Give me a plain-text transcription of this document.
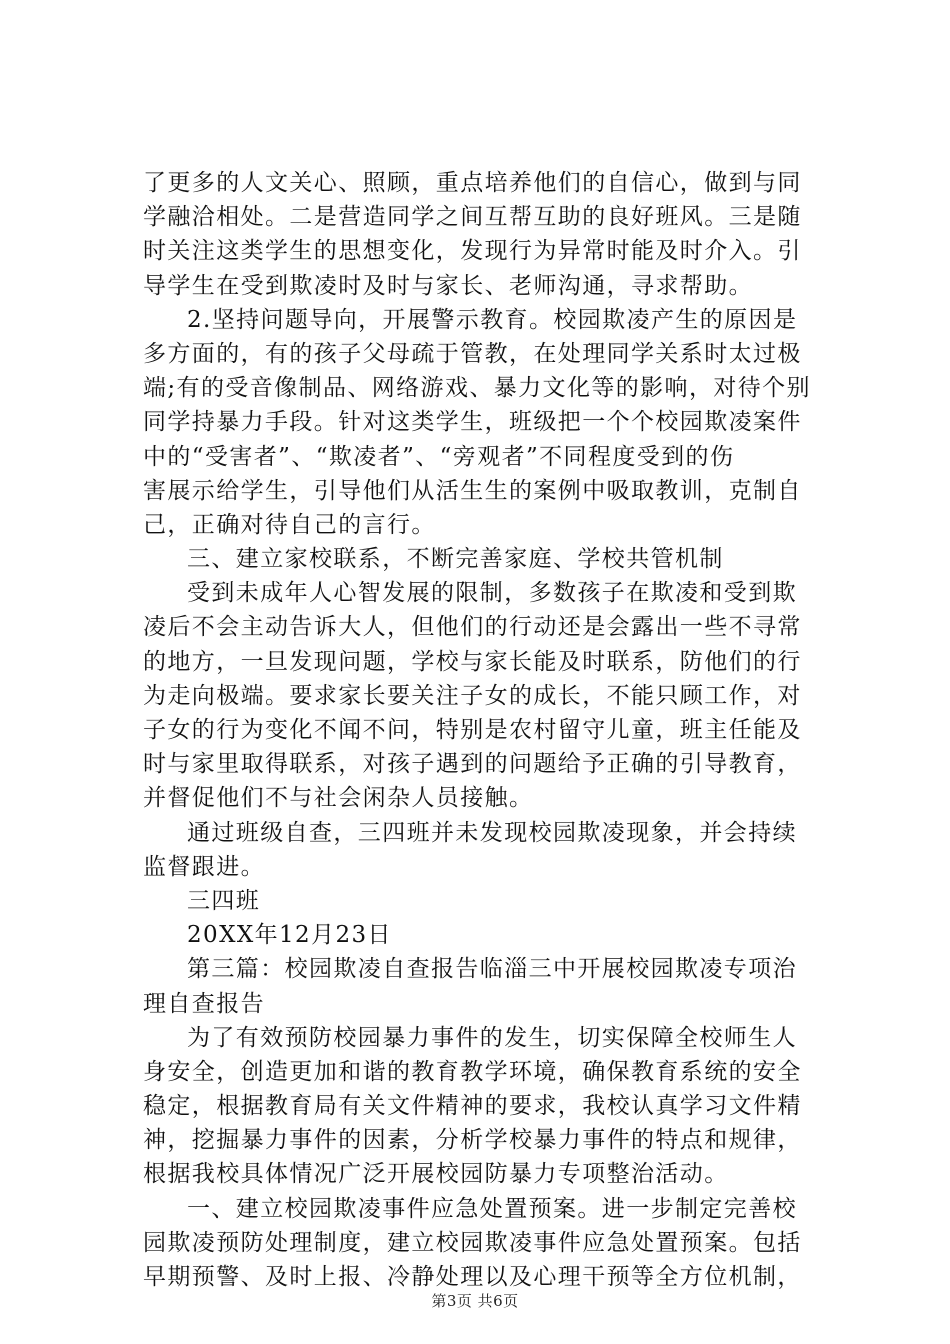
了更多的人文关心、照顾，重点培养他们的自信心，做到与同
学融洽相处。二是营造同学之间互帮互助的良好班风。三是随
时关注这类学生的思想变化，发现行为异常时能及时介入。引
导学生在受到欺凌时及时与家长、老师沟通，寻求帮助。
2.坚持问题导向，开展警示教育。校园欺凌产生的原因是
多方面的，有的孩子父母疏于管教，在处理同学关系时太过极
端;有的受音像制品、网络游戏、暴力文化等的影响，对待个别
同学持暴力手段。针对这类学生，班级把一个个校园欺凌案件
中的“受害者”、“欺凌者”、“旁观者”不同程度受到的伤
害展示给学生，引导他们从活生生的案例中吸取教训，克制自
己，正确对待自己的言行。
三、建立家校联系，不断完善家庭、学校共管机制
受到未成年人心智发展的限制，多数孩子在欺凌和受到欺
凌后不会主动告诉大人，但他们的行动还是会露出一些不寻常
的地方，一旦发现问题，学校与家长能及时联系，防他们的行
为走向极端。要求家长要关注子女的成长，不能只顾工作，对
子女的行为变化不闻不问，特别是农村留守儿童，班主任能及
时与家里取得联系，对孩子遇到的问题给予正确的引导教育，
并督促他们不与社会闲杂人员接触。
通过班级自查，三四班并未发现校园欺凌现象，并会持续
监督跟进。
三四班
20XX年12月23日
第三篇：校园欺凌自查报告临淄三中开展校园欺凌专项治
理自查报告
为了有效预防校园暴力事件的发生，切实保障全校师生人
身安全，创造更加和谐的教育教学环境，确保教育系统的安全
稳定，根据教育局有关文件精神的要求，我校认真学习文件精
神，挖掘暴力事件的因素，分析学校暴力事件的特点和规律，
根据我校具体情况广泛开展校园防暴力专项整治活动。
一、建立校园欺凌事件应急处置预案。进一步制定完善校
园欺凌预防处理制度，建立校园欺凌事件应急处置预案。包括
早期预警、及时上报、冷静处理以及心理干预等全方位机制，
第3页 共6页
